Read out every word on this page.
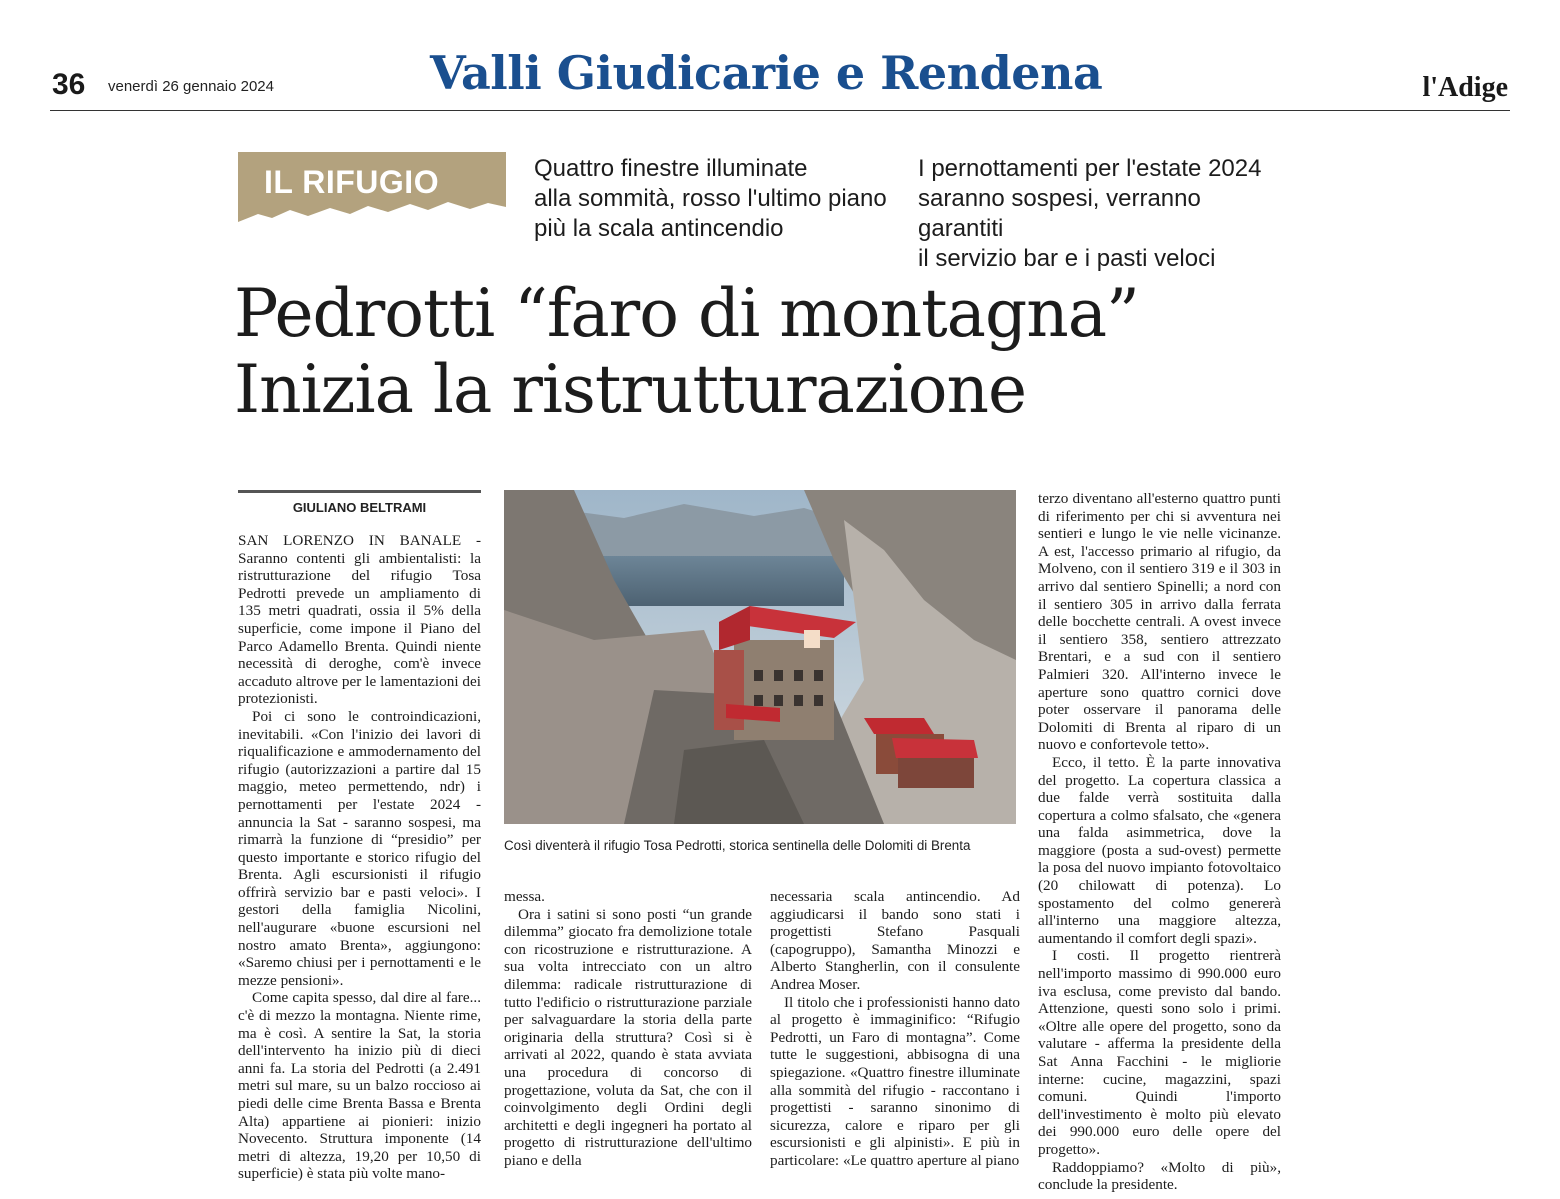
36 venerdì 26 gennaio 2024	Valli Giudicarie e Rendena	l'Adige
IL RIFUGIO	Quattro finestre illuminate
alla sommità, rosso l'ultimo piano
più la scala antincendio
I pernottamenti per l'estate 2024
saranno sospesi, verranno garantiti
il servizio bar e i pasti veloci
Pedrotti “faro di montagna”
Inizia la ristrutturazione
GIULIANO BELTRAMI

SAN LORENZO IN BANALE - Saranno contenti gli ambientalisti: la ristrutturazione del rifugio Tosa Pedrotti prevede un ampliamento di 135 metri quadrati, ossia il 5% della superficie, come impone il Piano del Parco Adamello Brenta. Quindi niente necessità di deroghe, com'è invece accaduto altrove per le lamentazioni dei protezionisti.

Poi ci sono le controindicazioni, inevitabili. «Con l'inizio dei lavori di riqualificazione e ammodernamento del rifugio (autorizzazioni a partire dal 15 maggio, meteo permettendo, ndr) i pernottamenti per l'estate 2024 - annuncia la Sat - saranno sospesi, ma rimarrà la funzione di “presidio” per questo importante e storico rifugio del Brenta. Agli escursionisti il rifugio offrirà servizio bar e pasti veloci». I gestori della famiglia Nicolini, nell'augurare «buone escursioni nel nostro amato Brenta», aggiungono: «Saremo chiusi per i pernottamenti e le mezze pensioni».

Come capita spesso, dal dire al fare... c'è di mezzo la montagna. Niente rime, ma è così. A sentire la Sat, la storia dell'intervento ha inizio più di dieci anni fa. La storia del Pedrotti (a 2.491 metri sul mare, su un balzo roccioso ai piedi delle cime Brenta Bassa e Brenta Alta) appartiene ai pionieri: inizio Novecento. Struttura imponente (14 metri di altezza, 19,20 per 10,50 di superficie) è stata più volte mano-

Così diventerà il rifugio Tosa Pedrotti, storica sentinella delle Dolomiti di Brenta

messa.

Ora i satini si sono posti “un grande dilemma” giocato fra demolizione totale con ricostruzione e ristrutturazione. A sua volta intrecciato con un altro dilemma: radicale ristrutturazione di tutto l'edificio o ristrutturazione parziale per salvaguardare la storia della parte originaria della struttura? Così si è arrivati al 2022, quando è stata avviata una procedura di concorso di progettazione, voluta da Sat, che con il coinvolgimento degli Ordini degli architetti e degli ingegneri ha portato al progetto di ristrutturazione dell'ultimo piano e della

necessaria scala antincendio. Ad aggiudicarsi il bando sono stati i progettisti Stefano Pasquali (capogruppo), Samantha Minozzi e Alberto Stangherlin, con il consulente Andrea Moser.

Il titolo che i professionisti hanno dato al progetto è immaginifico: “Rifugio Pedrotti, un Faro di montagna”. Come tutte le suggestioni, abbisogna di una spiegazione. «Quattro finestre illuminate alla sommità del rifugio - raccontano i progettisti - saranno sinonimo di sicurezza, calore e riparo per gli escursionisti e gli alpinisti». E più in particolare: «Le quattro aperture al piano

terzo diventano all'esterno quattro punti di riferimento per chi si avventura nei sentieri e lungo le vie nelle vicinanze. A est, l'accesso primario al rifugio, da Molveno, con il sentiero 319 e il 303 in arrivo dal sentiero Spinelli; a nord con il sentiero 305 in arrivo dalla ferrata delle bocchette centrali. A ovest invece il sentiero 358, sentiero attrezzato Brentari, e a sud con il sentiero Palmieri 320. All'interno invece le aperture sono quattro cornici dove poter osservare il panorama delle Dolomiti di Brenta al riparo di un nuovo e confortevole tetto».

Ecco, il tetto. È la parte innovativa del progetto. La copertura classica a due falde verrà sostituita dalla copertura a colmo sfalsato, che «genera una falda asimmetrica, dove la maggiore (posta a sud-ovest) permette la posa del nuovo impianto fotovoltaico (20 chilowatt di potenza). Lo spostamento del colmo genererà all'interno una maggiore altezza, aumentando il comfort degli spazi».

I costi. Il progetto rientrerà nell'importo massimo di 990.000 euro iva esclusa, come previsto dal bando. Attenzione, questi sono solo i primi. «Oltre alle opere del progetto, sono da valutare - afferma la presidente della Sat Anna Facchini - le migliorie interne: cucine, magazzini, spazi comuni. Quindi l'importo dell'investimento è molto più elevato dei 990.000 euro delle opere del progetto».

Raddoppiamo? «Molto di più», conclude la presidente.
